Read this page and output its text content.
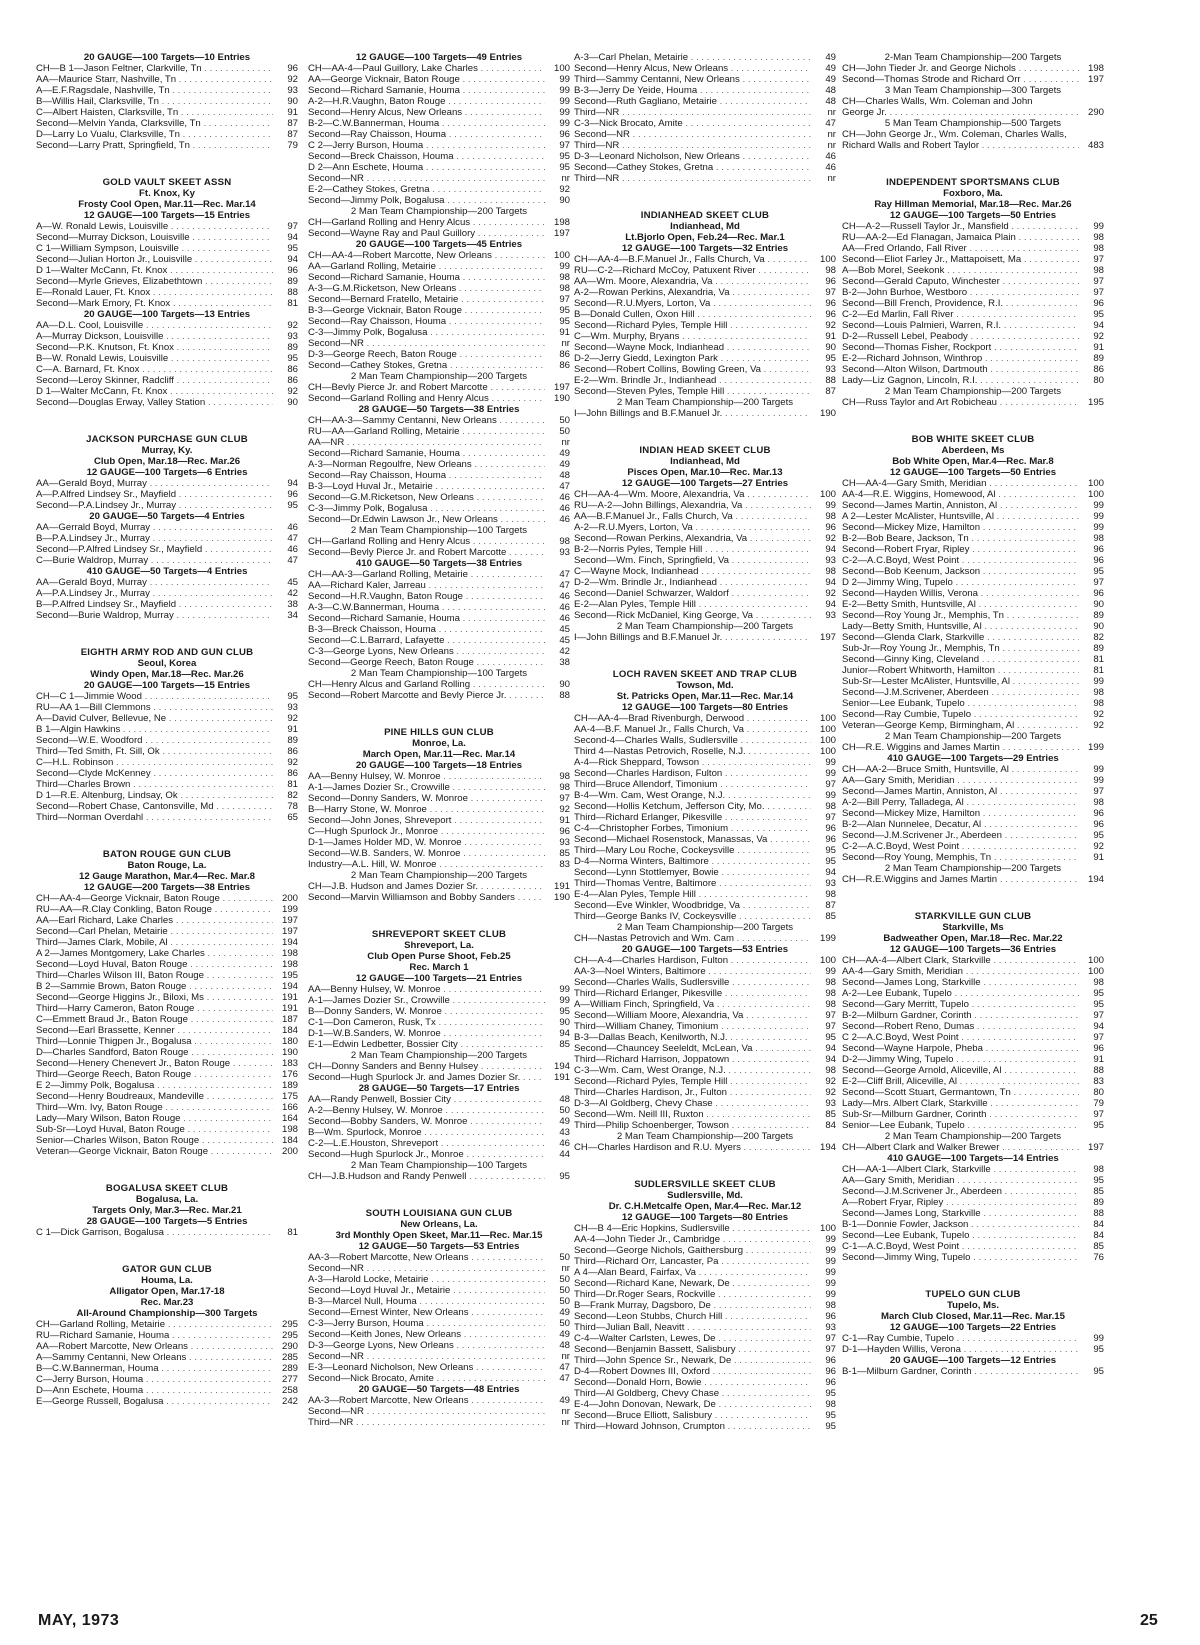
20 GAUGE—100 Targets—10 Entries
CH—B 1—Jason Feltner, Clarkville, Tn . . .	96
AA—Maurice Starr, Nashville, Tn . . .	92
A—E.F.Ragsdale, Nashville, Tn . . .	93
B—Willis Hail, Clarksville, Tn . . .	90
C—Albert Haisten, Clarksville, Tn . . .	91
Second—Melvin Yanda, Clarksville, Tn . . .	87
D—Larry Lo Vualu, Clarksville, Tn . . .	87
Second—Larry Pratt, Springfield, Tn . . .	79
GOLD VAULT SKEET ASSN
Ft. Knox, Ky
Frosty Cool Open, Mar.11—Rec. Mar.14
12 GAUGE—100 Targets—15 Entries
A—W. Ronald Lewis, Louisville . . .	97
Second—Murray Dickson, Louisville . . .	94
C 1—William Sympson, Louisville . . .	95
Second—Julian Horton Jr., Louisville . . .	94
D 1—Walter McCann, Ft. Knox . . .	96
Second—Myrle Grieves, Elizabethtown . . .	89
E—Ronald Lauer, Ft. Knox . . .	88
Second—Mark Emory, Ft. Knox . . .	81
20 GAUGE—100 Targets—13 Entries
AA—D.L. Cool, Louisville . . .	92
A—Murray Dickson, Louisville . . .	93
Second—P.K. Knutson, Ft. Knox . . .	89
B—W. Ronald Lewis, Louisville . . .	95
C—A. Barnard, Ft. Knox . . .	86
Second—Leroy Skinner, Radcliff . . .	86
D 1—Walter McCann, Ft. Knox . . .	92
Second—Douglas Erway, Valley Station . . .	90
JACKSON PURCHASE GUN CLUB
Murray, Ky.
Club Open, Mar.18—Rec. Mar.26
12 GAUGE—100 Targets—6 Entries
AA—Gerald Boyd, Murray . . .	94
A—P.Alfred Lindsey Sr., Mayfield . . .	96
Second—P.A.Lindsey Jr., Murray . . .	95
20 GAUGE—50 Targets—4 Entries
AA—Gerrald Boyd, Murray . . .	46
B—P.A.Lindsey Jr., Murray . . .	47
Second—P.Alfred Lindsey Sr., Mayfield . . .	46
C—Burie Waldrop, Murray . . .	47
410 GAUGE—50 Targets—4 Entries
AA—Gerald Boyd, Murray . . .	45
A—P.A.Lindsey Jr., Murray . . .	42
B—P.Alfred Lindsey Sr., Mayfield . . .	38
Second—Burie Waldrop, Murray . . .	34
EIGHTH ARMY ROD AND GUN CLUB
Seoul, Korea
Windy Open, Mar.18—Rec. Mar.26
20 GAUGE—100 Targets—15 Entries
CH—C 1—Jimmie Wood . . .	95
RU—AA 1—Bill Clemmons . . .	93
A—David Culver, Bellevue, Ne . . .	92
B 1—Algin Hawkins . . .	91
Second—W.E. Woodford . . .	89
Third—Ted Smith, Ft. Sill, Ok . . .	86
C—H.L. Robinson . . .	92
Second—Clyde McKenney . . .	86
Third—Charles Brown . . .	81
D 1—R.E. Altenburg, Lindsay, Ok . . .	82
Second—Robert Chase, Cantonsville, Md . . .	78
Third—Norman Overdahl . . .	65
BATON ROUGE GUN CLUB
Baton Rouge, La.
12 Gauge Marathon, Mar.4—Rec. Mar.8
12 GAUGE—200 Targets—38 Entries
CH—AA-4—George Vicknair, Baton Rouge . . .	200
RU—AA—R.Clay Conkling, Baton Rouge . . .	199
AA—Earl Richard, Lake Charles . . .	197
Second—Carl Phelan, Metairie . . .	197
Third—James Clark, Mobile, Al . . .	194
A 2—James Montgomery, Lake Charles . . .	198
Second—Loyd Huval, Baton Rouge . . .	198
Third—Charles Wilson III, Baton Rouge . . .	195
B 2—Sammie Brown, Baton Rouge . . .	194
Second—George Higgins Jr., Biloxi, Ms . . .	191
Third—Harry Cameron, Baton Rouge . . .	191
C—Emmett Braud Jr., Baton Rouge . . .	187
Second—Earl Brassette, Kenner . . .	184
Third—Lonnie Thigpen Jr., Bogalusa . . .	180
D—Charles Sandford, Baton Rouge . . .	190
Second—Henery Chenevert Jr., Baton Rouge . . .	183
Third—George Reech, Baton Rouge . . .	176
E 2—Jimmy Polk, Bogalusa . . .	189
Second—Henry Boudreaux, Mandeville . . .	175
Third—Wm. Ivy, Baton Rouge . . .	166
Lady—Mary Wilson, Baton Rouge . . .	164
Sub-Sr—Loyd Huval, Baton Rouge . . .	198
Senior—Charles Wilson, Baton Rouge . . .	184
Veteran—George Vicknair, Baton Rouge . . .	200
BOGALUSA SKEET CLUB
Bogalusa, La.
Targets Only, Mar.3—Rec. Mar.21
28 GAUGE—100 Targets—5 Entries
C 1—Dick Garrison, Bogalusa . . .	81
GATOR GUN CLUB
Houma, La.
Alligator Open, Mar.17-18
Rec. Mar.23
All-Around Championship—300 Targets
CH—Garland Rolling, Metairie . . .	295
RU—Richard Samanie, Houma . . .	295
AA—Robert Marcotte, New Orleans . . .	290
A—Sammy Centanni, New Orleans . . .	285
B—C.W.Bannerman, Houma . . .	289
C—Jerry Burson, Houma . . .	277
D—Ann Eschete, Houma . . .	258
E—George Russell, Bogalusa . . .	242
12 GAUGE—100 Targets—49 Entries
CH—AA-4—Paul Guillory, Lake Charles . . .	100
AA—George Vicknair, Baton Rouge . . .	99
Second—Richard Samanie, Houma . . .	99
A-2—H.R.Vaughn, Baton Rouge . . .	99
Second—Henry Alcus, New Orleans . . .	99
B-2—C.W.Bannerman, Houma . . .	99
Second—Ray Chaisson, Houma . . .	96
C 2—Jerry Burson, Houma . . .	97
Second—Breck Chaisson, Houma . . .	95
D 2—Ann Eschete, Houma . . .	95
Second—NR . . .	nr
E-2—Cathey Stokes, Gretna . . .	92
Second—Jimmy Polk, Bogalusa . . .	90
2 Man Team Championship—200 Targets
CH—Garland Rolling and Henry Alcus . . .	198
Second—Wayne Ray and Paul Guillory . . .	197
20 GAUGE—100 Targets—45 Entries
CH—AA-4—Robert Marcotte, New Orleans . . .	100
AA—Garland Rolling, Metairie . . .	99
Second—Richard Samanie, Houma . . .	98
A-3—G.M.Ricketson, New Orleans . . .	98
Second—Bernard Fratello, Metairie . . .	97
B-3—George Vicknair, Baton Rouge . . .	95
Second—Ray Chaisson, Houma . . .	95
C-3—Jimmy Polk, Bogalusa . . .	91
Second—NR . . .	nr
D-3—George Reech, Baton Rouge . . .	86
Second—Cathey Stokes, Gretna . . .	86
2 Man Team Championship—200 Targets
CH—Bevly Pierce Jr. and Robert Marcotte . . .	197
Second—Garland Rolling and Henry Alcus . . .	190
28 GAUGE—50 Targets—38 Entries
CH—AA-3—Sammy Centanni, New Orleans . . .	50
RU—AA—Garland Rolling, Metairie . . .	50
AA—NR . . .	nr
Second—Richard Samanie, Houma . . .	49
A-3—Norman Regoulfre, New Orleans . . .	49
Second—Ray Chaisson, Houma . . .	48
B-3—Loyd Huval Jr., Metairie . . .	47
Second—G.M.Ricketson, New Orleans . . .	46
C-3—Jimmy Polk, Bogalusa . . .	46
Second—Dr.Edwin Lawson Jr., New Orleans . . .	46
2 Man Team Championship—100 Targets
CH—Garland Rolling and Henry Alcus . . .	98
Second—Bevly Pierce Jr. and Robert Marcotte . . .	93
410 GAUGE—50 Targets—38 Entries
CH—AA-3—Garland Rolling, Metairie . . .	47
AA—Richard Kaler, Jarreau . . .	47
Second—H.R.Vaughn, Baton Rouge . . .	46
A-3—C.W.Bannerman, Houma . . .	46
Second—Richard Samanie, Houma . . .	46
B-3—Breck Chaisson, Houma . . .	45
Second—C.L.Barrard, Lafayette . . .	45
C-3—George Lyons, New Orleans . . .	42
Second—George Reech, Baton Rouge . . .	38
2 Man Team Championship—100 Targets
CH—Henry Alcus and Garland Rolling . . .	90
Second—Robert Marcotte and Bevly Pierce Jr. . . .	88
PINE HILLS GUN CLUB
Monroe, La.
March Open, Mar.11—Rec. Mar.14
20 GAUGE—100 Targets—18 Entries
AA—Benny Hulsey, W. Monroe . . .	98
A-1—James Dozier Sr., Crowville . . .	98
Second—Donny Sanders, W. Monroe . . .	97
B—Harry Stone, W. Monroe . . .	92
Second—John Jones, Shreveport . . .	91
C—Hugh Spurlock Jr., Monroe . . .	96
D-1—James Holder MD, W. Monroe . . .	93
Second—W.B. Sanders, W. Monroe . . .	85
Industry—A.L. Hill, W. Monroe . . .	83
2 Man Team Championship—200 Targets
CH—J.B. Hudson and James Dozier Sr. . . .	191
Second—Marvin Williamson and Bobby Sanders . . .	190
SHREVEPORT SKEET CLUB
Shreveport, La.
Club Open Purse Shoot, Feb.25
Rec. March 1
12 GAUGE—100 Targets—21 Entries
AA—Benny Hulsey, W. Monroe . . .	99
A-1—James Dozier Sr., Crowville . . .	99
B—Donny Sanders, W. Monroe . . .	95
C-1—Don Cameron, Rusk, Tx . . .	90
D-1—W.B.Sanders, W. Monroe . . .	94
E-1—Edwin Ledbetter, Bossier City . . .	85
2 Man Team Championship—200 Targets
CH—Donny Sanders and Benny Hulsey . . .	194
Second—Hugh Spurlock Jr. and James Dozier Sr. . . .	191
28 GAUGE—50 Targets—17 Entries
AA—Randy Penwell, Bossier City . . .	48
A-2—Benny Hulsey, W. Monroe . . .	50
Second—Bobby Sanders, W. Monroe . . .	49
B—Wm. Spurlock, Monroe . . .	43
C-2—L.E.Houston, Shreveport . . .	46
Second—Hugh Spurlock Jr., Monroe . . .	44
2 Man Team Championship—100 Targets
CH—J.B.Hudson and Randy Penwell . . .	95
SOUTH LOUISIANA GUN CLUB
New Orleans, La.
3rd Monthly Open Skeet, Mar.11—Rec. Mar.15
12 GAUGE—50 Targets—53 Entries
AA-3—Robert Marcotte, New Orleans . . .	50
Second—NR . . .	nr
A-3—Harold Locke, Metairie . . .	50
Second—Loyd Huval Jr., Metairie . . .	50
B-3—Marcel Null, Houma . . .	50
Second—Ernest Winter, New Orleans . . .	49
C-3—Jerry Burson, Houma . . .	50
Second—Keith Jones, New Orleans . . .	49
D-3—George Lyons, New Orleans . . .	48
Second—NR . . .	nr
E-3—Leonard Nicholson, New Orleans . . .	47
Second—Nick Brocato, Amite . . .	47
20 GAUGE—50 Targets—48 Entries
AA-3—Robert Marcotte, New Orleans . . .	49
Second—NR . . .	nr
Third—NR . . .	nr
A-3—Carl Phelan, Metairie . . .	49
Second—Henry Alcus, New Orleans . . .	49
Third—Sammy Centanni, New Orleans . . .	49
B-3—Jerry De Yeide, Houma . . .	48
Second—Ruth Gagliano, Metairie . . .	48
Third—NR . . .	nr
C-3—Nick Brocato, Amite . . .	47
Second—NR . . .	nr
Third—NR . . .	nr
D-3—Leonard Nicholson, New Orleans . . .	46
Second—Cathey Stokes, Gretna . . .	46
Third—NR . . .	nr
INDIANHEAD SKEET CLUB
Indianhead, Md
Lt.Bjorlo Open, Feb.24—Rec. Mar.1
12 GAUGE—100 Targets—32 Entries
CH—AA-4—B.F.Manuel Jr., Falls Church, Va . . .	100
RU—C-2—Richard McCoy, Patuxent River . . .	98
AA—Wm. Moore, Alexandria, Va . . .	96
A-2—Rowan Perkins, Alexandria, Va . . .	97
Second—R.U.Myers, Lorton, Va . . .	96
B—Donald Cullen, Oxon Hill . . .	96
Second—Richard Pyles, Temple Hill . . .	92
C—Wm. Murphy, Bryans . . .	91
Second—Wayne Mock, Indianhead . . .	90
D-2—Jerry Giedd, Lexington Park . . .	95
Second—Robert Collins, Bowling Green, Va . . .	93
E-2—Wm. Brindle Jr., Indianhead . . .	88
Second—Steven Pyles, Temple Hill . . .	87
2 Man Team Championship—200 Targets
I—John Billings and B.F.Manuel Jr. . . .	190
INDIAN HEAD SKEET CLUB
Indianhead, Md
Pisces Open, Mar.10—Rec. Mar.13
12 GAUGE—100 Targets—27 Entries
CH—AA-4—Wm. Moore, Alexandria, Va . . .	100
RU—A-2—John Billings, Alexandria, Va . . .	99
AA—B.F.Manuel Jr., Falls Church, Va . . .	98
A-2—R.U.Myers, Lorton, Va . . .	96
Second—Rowan Perkins, Alexandria, Va . . .	92
B-2—Norris Pyles, Temple Hill . . .	94
Second—Wm. Finch, Springfield, Va . . .	93
C—Wayne Mock, Indianhead . . .	98
D-2—Wm. Brindle Jr., Indianhead . . .	94
Second—Daniel Schwarzer, Waldorf . . .	92
E-2—Alan Pyles, Temple Hill . . .	94
Second—Rick McDaniel, King George, Va . . .	93
2 Man Team Championship—200 Targets
I—John Billings and B.F.Manuel Jr. . . .	197
LOCH RAVEN SKEET AND TRAP CLUB
Towson, Md.
St. Patricks Open, Mar.11—Rec. Mar.14
12 GAUGE—100 Targets—80 Entries
CH—AA-4—Brad Rivenburgh, Derwood . . .	100
AA-4—B.F. Manuel Jr., Falls Church, Va . . .	100
Second-4—Charles Walls, Sudlersville . . .	100
Third 4—Nastas Petrovich, Roselle, N.J. . . .	100
A-4—Rick Sheppard, Towson . . .	99
Second—Charles Hardison, Fulton . . .	99
Third—Bruce Allendorf, Timonium . . .	97
B-4—Wm. Cam, West Orange, N.J. . . .	99
Second—Hollis Ketchum, Jefferson City, Mo. . . .	98
Third—Richard Erlanger, Pikesville . . .	97
C-4—Christopher Forbes, Timonium . . .	96
Second—Michael Rosenstock, Manassas, Va . . .	96
Third—Mary Lou Roche, Cockeysville . . .	95
D-4—Norma Winters, Baltimore . . .	95
Second—Lynn Stottlemyer, Bowie . . .	94
Third—Thomas Ventre, Baltimore . . .	93
E-4—Alan Pyles, Temple Hill . . .	98
Second—Eve Winkler, Woodbridge, Va . . .	87
Third—George Banks IV, Cockeysville . . .	85
2 Man Team Championship—200 Targets
CH—Nastas Petrovich and Wm. Cam . . .	199
20 GAUGE—100 Targets—53 Entries
CH—A-4—Charles Hardison, Fulton . . .	100
AA-3—Noel Winters, Baltimore . . .	99
Second—Charles Walls, Sudlersville . . .	98
Third—Richard Erlanger, Pikesville . . .	98
A—William Finch, Springfield, Va . . .	98
Second—William Moore, Alexandria, Va . . .	97
Third—William Chaney, Timonium . . .	97
B-3—Dallas Beach, Kenilworth, N.J. . . .	95
Second—Chauncey Seeleldt, McLean, Va . . .	94
Third—Richard Harrison, Joppatown . . .	94
C-3—Wm. Cam, West Orange, N.J. . . .	98
Second—Richard Pyles, Temple Hill . . .	92
Third—Charles Hardison, Jr., Fulton . . .	92
D-3—Al Goldberg, Chevy Chase . . .	93
Second—Wm. Neill III, Ruxton . . .	85
Third—Philip Schoenberger, Towson . . .	84
2 Man Team Championship—200 Targets
CH—Charles Hardison and R.U. Myers . . .	194
SUDLERSVILLE SKEET CLUB
Sudlersville, Md.
Dr. C.H.Metcalfe Open, Mar.4—Rec. Mar.12
12 GAUGE—100 Targets—80 Entries
CH—B 4—Eric Hopkins, Sudlersville . . .	100
AA-4—John Tieder Jr., Cambridge . . .	99
Second—George Nichols, Gaithersburg . . .	99
Third—Richard Orr, Lancaster, Pa . . .	99
A 4—Alan Beard, Fairfax, Va . . .	99
Second—Richard Kane, Newark, De . . .	99
Third—Dr.Roger Sears, Rockville . . .	99
B—Frank Murray, Dagsboro, De . . .	98
Second—Leon Stubbs, Church Hill . . .	96
Third—Julian Ball, Neavitt . . .	93
C-4—Walter Carlsten, Lewes, De . . .	97
Second—Benjamin Bassett, Salisbury . . .	97
Third—John Spence Sr., Newark, De . . .	96
D-4—Robert Downes III, Oxford . . .	96
Second—Donald Horn, Bowie . . .	96
Third—Al Goldberg, Chevy Chase . . .	95
E-4—John Donovan, Newark, De . . .	98
Second—Bruce Elliott, Salisbury . . .	95
Third—Howard Johnson, Crumpton . . .	95
2-Man Team Championship—200 Targets
CH—John Tieder Jr. and George Nichols . . .	198
Second—Thomas Strode and Richard Orr . . .	197
3 Man Team Championship—300 Targets
CH—Charles Walls, Wm. Coleman and John
George Jr. . . .	290
5 Man Team Championship—500 Targets
CH—John George Jr., Wm. Coleman, Charles Walls,
Richard Walls and Robert Taylor . . .	483
INDEPENDENT SPORTSMANS CLUB
Foxboro, Ma.
Ray Hillman Memorial, Mar.18—Rec. Mar.26
12 GAUGE—100 Targets—50 Entries
CH—A-2—Russell Taylor Jr., Mansfield . . .	99
RU—AA-2—Ed Flanagan, Jamaica Plain . . .	98
AA—Fred Orlando, Fall River . . .	98
Second—Eliot Farley Jr., Mattapoisett, Ma . . .	97
A—Bob Morel, Seekonk . . .	98
Second—Gerald Caputo, Winchester . . .	97
B-2—John Burhoe, Westboro . . .	97
Second—Bill French, Providence, R.I. . . .	96
C-2—Ed Marlin, Fall River . . .	95
Second—Louis Palmieri, Warren, R.I. . . .	94
D-2—Russell Lebel, Peabody . . .	92
Second—Thomas Fisher, Rockport . . .	91
E-2—Richard Johnson, Winthrop . . .	89
Second—Alton Wilson, Dartmouth . . .	86
Lady—Liz Gagnon, Lincoln, R.I. . . .	80
2 Man Team Championship—200 Targets
CH—Russ Taylor and Art Robicheau . . .	195
BOB WHITE SKEET CLUB
Aberdeen, Ms
Bob White Open, Mar.4—Rec. Mar.8
12 GAUGE—100 Targets—50 Entries
CH—AA-4—Gary Smith, Meridian . . .	100
AA-4—R.E. Wiggins, Homewood, Al . . .	100
Second—James Martin, Anniston, Al . . .	99
A 2—Lester McAlister, Huntsville, Al . . .	99
Second—Mickey Mize, Hamilton . . .	99
B-2—Bob Beare, Jackson, Tn . . .	98
Second—Robert Fryar, Ripley . . .	96
C-2—A.C.Boyd, West Point . . .	96
Second—Bob Keenum, Jackson . . .	95
D 2—Jimmy Wing, Tupelo . . .	97
Second—Hayden Willis, Verona . . .	96
E-2—Betty Smith, Huntsville, Al . . .	90
Second—Roy Young Jr., Memphis, Tn . . .	89
Lady—Betty Smith, Huntsville, Al . . .	90
Second—Glenda Clark, Starkville . . .	82
Sub-Jr—Roy Young Jr., Memphis, Tn . . .	89
Second—Ginny King, Cleveland . . .	81
Junior—Robert Whitworth, Hamilton . . .	81
Sub-Sr—Lester McAlister, Huntsville, Al . . .	99
Second—J.M.Scrivener, Aberdeen . . .	98
Senior—Lee Eubank, Tupelo . . .	98
Second—Ray Cumbie, Tupelo . . .	92
Veteran—George Kemp, Birmingham, Al . . .	92
2 Man Team Championship—200 Targets
CH—R.E. Wiggins and James Martin . . .	199
410 GAUGE—100 Targets—29 Entries
CH—AA-2—Bruce Smith, Huntsville, Al . . .	99
AA—Gary Smith, Meridian . . .	99
Second—James Martin, Anniston, Al . . .	97
A-2—Bill Perry, Talladega, Al . . .	98
Second—Mickey Mize, Hamilton . . .	96
B-2—Alan Nunnelee, Decatur, Al . . .	96
Second—J.M.Scrivener Jr., Aberdeen . . .	95
C-2—A.C.Boyd, West Point . . .	92
Second—Roy Young, Memphis, Tn . . .	91
2 Man Team Championship—200 Targets
CH—R.E.Wiggins and James Martin . . .	194
STARKVILLE GUN CLUB
Starkville, Ms
Badweather Open, Mar.18—Rec. Mar.22
12 GAUGE—100 Targets—36 Entries
CH—AA-4—Albert Clark, Starkville . . .	100
AA-4—Gary Smith, Meridian . . .	100
Second—James Long, Starkville . . .	98
A-2—Lee Eubank, Tupelo . . .	95
Second—Gary Merritt, Tupelo . . .	95
B-2—Milburn Gardner, Corinth . . .	97
Second—Robert Reno, Dumas . . .	94
C 2—A.C.Boyd, West Point . . .	97
Second—Wayne Harpole, Pheba . . .	96
D-2—Jimmy Wing, Tupelo . . .	91
Second—George Arnold, Aliceville, Al . . .	88
E-2—Cliff Brill, Aliceville, Al . . .	83
Second—Scott Stuart, Germantown, Tn . . .	80
Lady—Mrs. Albert Clark, Starkville . . .	79
Sub-Sr—Milburn Gardner, Corinth . . .	97
Senior—Lee Eubank, Tupelo . . .	95
2 Man Team Championship—200 Targets
CH—Albert Clark and Walker Brewer . . .	197
410 GAUGE—100 Targets—14 Entries
CH—AA-1—Albert Clark, Starkville . . .	98
AA—Gary Smith, Meridian . . .	95
Second—J.M.Scrivener Jr., Aberdeen . . .	85
A—Robert Fryar, Ripley . . .	89
Second—James Long, Starkville . . .	88
B-1—Donnie Fowler, Jackson . . .	84
Second—Lee Eubank, Tupelo . . .	84
C-1—A.C.Boyd, West Point . . .	85
Second—Jimmy Wing, Tupelo . . .	76
TUPELO GUN CLUB
Tupelo, Ms.
March Club Closed, Mar.11—Rec. Mar.15
12 GAUGE—100 Targets—22 Entries
C-1—Ray Cumbie, Tupelo . . .	99
D-1—Hayden Willis, Verona . . .	95
20 GAUGE—100 Targets—12 Entries
B-1—Milburn Gardner, Corinth . . .	95
MAY, 1973	25
